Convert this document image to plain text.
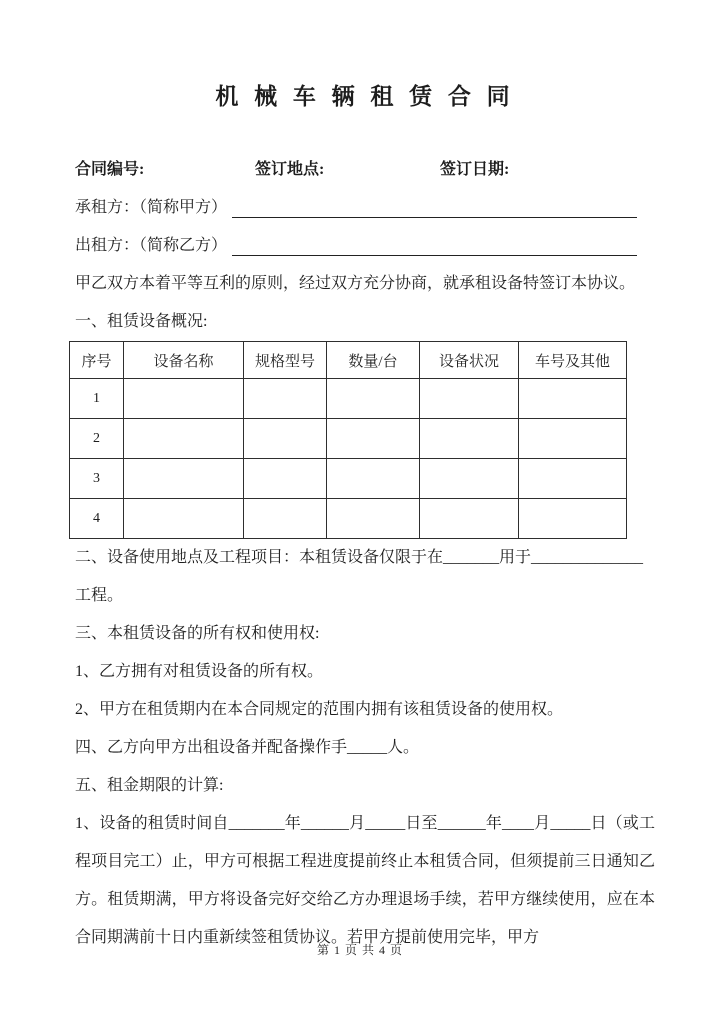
机 械 车 辆 租 赁 合 同
合同编号:	签订地点:	签订日期:
承租方：（简称甲方）
出租方：（简称乙方）

甲乙双方本着平等互利的原则，经过双方充分协商，就承租设备特签订本协议。

一、租赁设备概况:

序号	设备名称	规格型号	数量/台	设备状况	车号及其他
1					
2					
3					
4					

二、设备使用地点及工程项目：本租赁设备仅限于在_______用于______________

工程。

三、本租赁设备的所有权和使用权:

1、乙方拥有对租赁设备的所有权。

2、甲方在租赁期内在本合同规定的范围内拥有该租赁设备的使用权。

四、乙方向甲方出租设备并配备操作手_____人。

五、租金期限的计算:

1、设备的租赁时间自_______年______月_____日至______年____月_____日（或工程项目完工）止，甲方可根据工程进度提前终止本租赁合同，但须提前三日通知乙方。租赁期满，甲方将设备完好交给乙方办理退场手续，若甲方继续使用，应在本合同期满前十日内重新续签租赁协议。若甲方提前使用完毕，甲方

第 1 页 共 4 页
